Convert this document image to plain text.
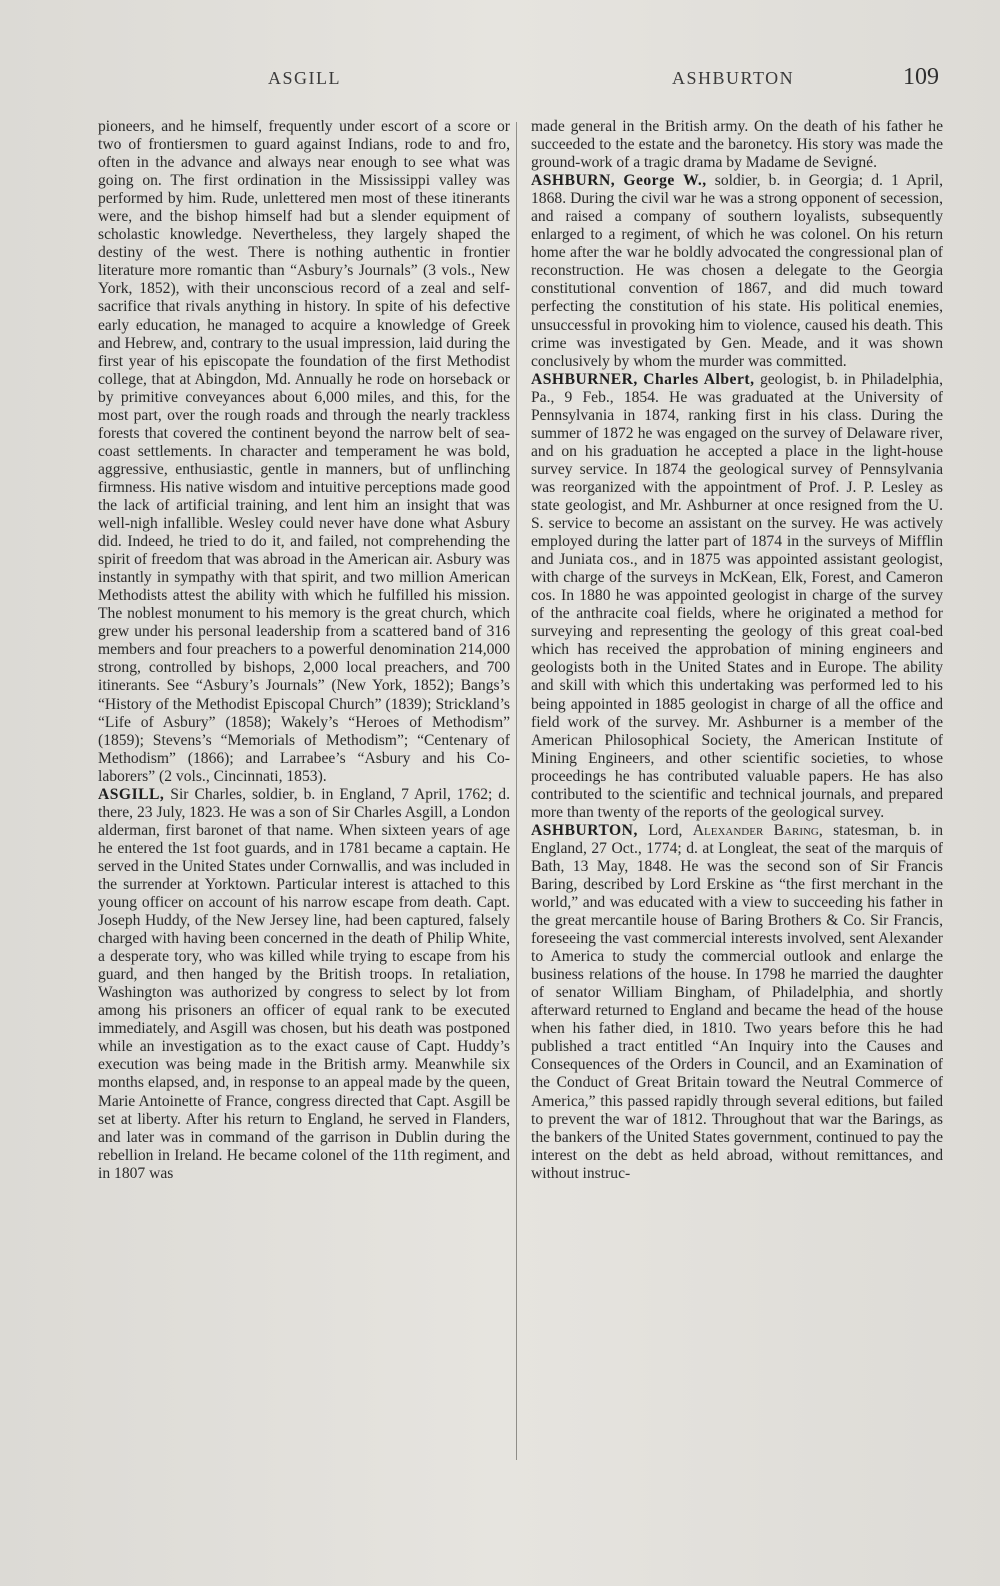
ASGILL	ASHBURTON	109

pioneers, and he himself, frequently under escort of a score or two of frontiersmen to guard against Indians, rode to and fro, often in the advance and always near enough to see what was going on. The first ordination in the Mississippi valley was performed by him. Rude, unlettered men most of these itinerants were, and the bishop himself had but a slender equipment of scholastic knowledge. Nevertheless, they largely shaped the destiny of the west. There is nothing authentic in frontier literature more romantic than “Asbury’s Journals” (3 vols., New York, 1852), with their unconscious record of a zeal and self-sacrifice that rivals anything in history. In spite of his defective early education, he managed to acquire a knowledge of Greek and Hebrew, and, contrary to the usual impression, laid during the first year of his episcopate the foundation of the first Methodist college, that at Abingdon, Md. Annually he rode on horseback or by primitive conveyances about 6,000 miles, and this, for the most part, over the rough roads and through the nearly trackless forests that covered the continent beyond the narrow belt of sea-coast settlements. In character and temperament he was bold, aggressive, enthusiastic, gentle in manners, but of unflinching firmness. His native wisdom and intuitive perceptions made good the lack of artificial training, and lent him an insight that was well-nigh infallible. Wesley could never have done what Asbury did. Indeed, he tried to do it, and failed, not comprehending the spirit of freedom that was abroad in the American air. Asbury was instantly in sympathy with that spirit, and two million American Methodists attest the ability with which he fulfilled his mission. The noblest monument to his memory is the great church, which grew under his personal leadership from a scattered band of 316 members and four preachers to a powerful denomination 214,000 strong, controlled by bishops, 2,000 local preachers, and 700 itinerants. See “Asbury’s Journals” (New York, 1852); Bangs’s “History of the Methodist Episcopal Church” (1839); Strickland’s “Life of Asbury” (1858); Wakely’s “Heroes of Methodism” (1859); Stevens’s “Memorials of Methodism”; “Centenary of Methodism” (1866); and Larrabee’s “Asbury and his Co-laborers” (2 vols., Cincinnati, 1853).

ASGILL, Sir Charles, soldier, b. in England, 7 April, 1762; d. there, 23 July, 1823. He was a son of Sir Charles Asgill, a London alderman, first baronet of that name. When sixteen years of age he entered the 1st foot guards, and in 1781 became a captain. He served in the United States under Cornwallis, and was included in the surrender at Yorktown. Particular interest is attached to this young officer on account of his narrow escape from death. Capt. Joseph Huddy, of the New Jersey line, had been captured, falsely charged with having been concerned in the death of Philip White, a desperate tory, who was killed while trying to escape from his guard, and then hanged by the British troops. In retaliation, Washington was authorized by congress to select by lot from among his prisoners an officer of equal rank to be executed immediately, and Asgill was chosen, but his death was postponed while an investigation as to the exact cause of Capt. Huddy’s execution was being made in the British army. Meanwhile six months elapsed, and, in response to an appeal made by the queen, Marie Antoinette of France, congress directed that Capt. Asgill be set at liberty. After his return to England, he served in Flanders, and later was in command of the garrison in Dublin during the rebellion in Ireland. He became colonel of the 11th regiment, and in 1807 was

made general in the British army. On the death of his father he succeeded to the estate and the baronetcy. His story was made the ground-work of a tragic drama by Madame de Sevigné.

ASHBURN, George W., soldier, b. in Georgia; d. 1 April, 1868. During the civil war he was a strong opponent of secession, and raised a company of southern loyalists, subsequently enlarged to a regiment, of which he was colonel. On his return home after the war he boldly advocated the congressional plan of reconstruction. He was chosen a delegate to the Georgia constitutional convention of 1867, and did much toward perfecting the constitution of his state. His political enemies, unsuccessful in provoking him to violence, caused his death. This crime was investigated by Gen. Meade, and it was shown conclusively by whom the murder was committed.

ASHBURNER, Charles Albert, geologist, b. in Philadelphia, Pa., 9 Feb., 1854. He was graduated at the University of Pennsylvania in 1874, ranking first in his class. During the summer of 1872 he was engaged on the survey of Delaware river, and on his graduation he accepted a place in the light-house survey service. In 1874 the geological survey of Pennsylvania was reorganized with the appointment of Prof. J. P. Lesley as state geologist, and Mr. Ashburner at once resigned from the U. S. service to become an assistant on the survey. He was actively employed during the latter part of 1874 in the surveys of Mifflin and Juniata cos., and in 1875 was appointed assistant geologist, with charge of the surveys in McKean, Elk, Forest, and Cameron cos. In 1880 he was appointed geologist in charge of the survey of the anthracite coal fields, where he originated a method for surveying and representing the geology of this great coal-bed which has received the approbation of mining engineers and geologists both in the United States and in Europe. The ability and skill with which this undertaking was performed led to his being appointed in 1885 geologist in charge of all the office and field work of the survey. Mr. Ashburner is a member of the American Philosophical Society, the American Institute of Mining Engineers, and other scientific societies, to whose proceedings he has contributed valuable papers. He has also contributed to the scientific and technical journals, and prepared more than twenty of the reports of the geological survey.

ASHBURTON, Lord, Alexander Baring, statesman, b. in England, 27 Oct., 1774; d. at Longleat, the seat of the marquis of Bath, 13 May, 1848. He was the second son of Sir Francis Baring, described by Lord Erskine as “the first merchant in the world,” and was educated with a view to succeeding his father in the great mercantile house of Baring Brothers & Co. Sir Francis, foreseeing the vast commercial interests involved, sent Alexander to America to study the commercial outlook and enlarge the business relations of the house. In 1798 he married the daughter of senator William Bingham, of Philadelphia, and shortly afterward returned to England and became the head of the house when his father died, in 1810. Two years before this he had published a tract entitled “An Inquiry into the Causes and Consequences of the Orders in Council, and an Examination of the Conduct of Great Britain toward the Neutral Commerce of America,” this passed rapidly through several editions, but failed to prevent the war of 1812. Throughout that war the Barings, as the bankers of the United States government, continued to pay the interest on the debt as held abroad, without remittances, and without instruc-
